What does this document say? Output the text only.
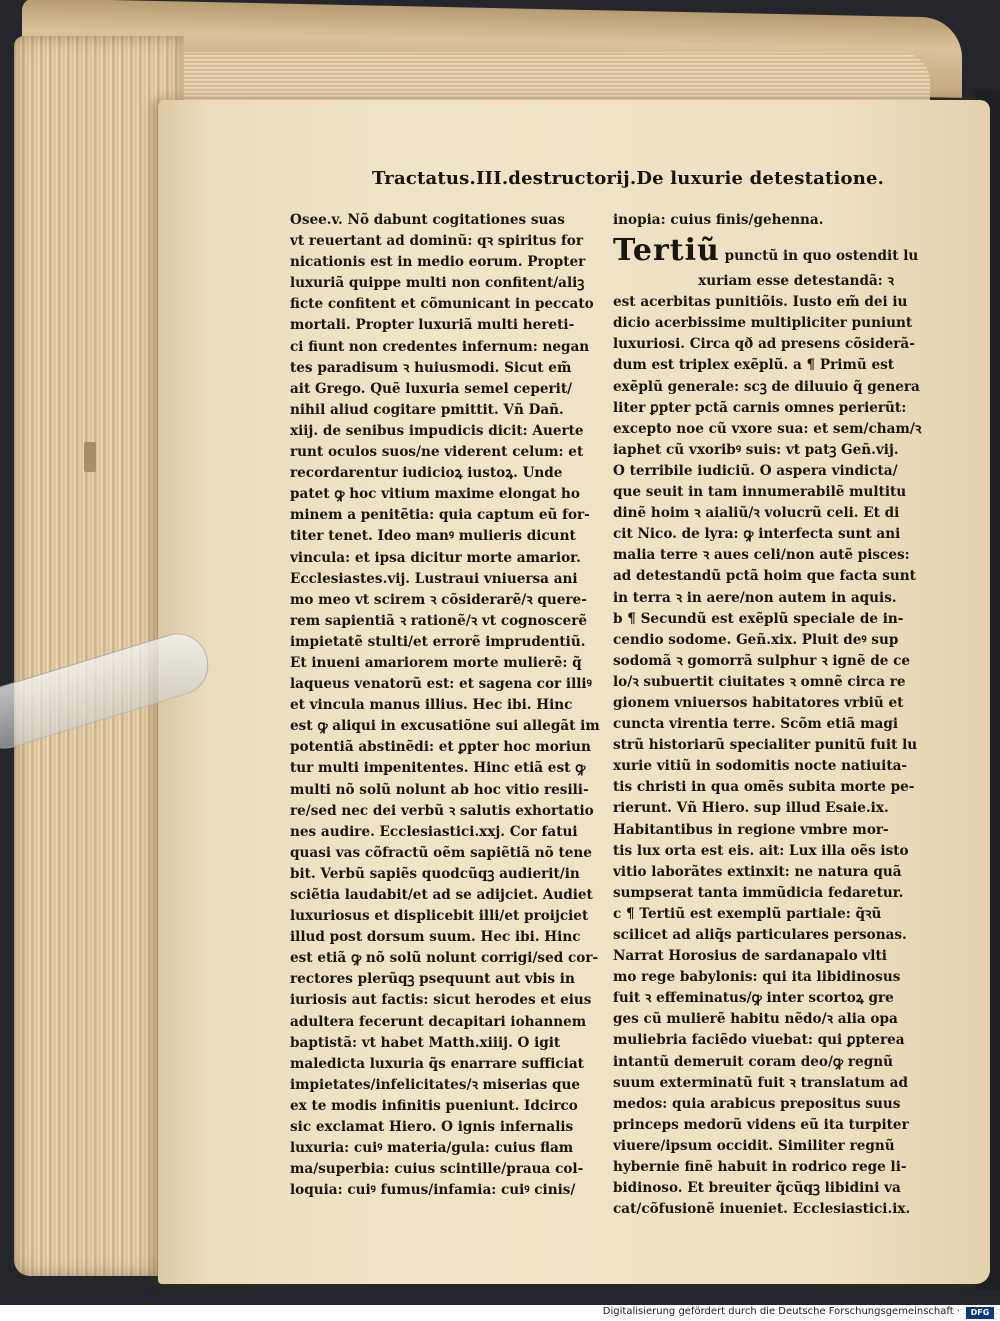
Tractatus.III.destructorij.De luxurie detestatione.
Osee.v. Nõ dabunt cogitationes suas
vt reuertant ad dominũ: qꝛ spiritus for
nicationis est in medio eorum. Propter
luxuriã quippe multi non confitent/aliꝫ
ficte confitent et cõmunicant in peccato
mortali. Propter luxuriã multi hereti-
ci fiunt non credentes infernum: negan
tes paradisum ꝛ huiusmodi. Sicut em̃
ait Grego. Quẽ luxuria semel ceperit/
nihil aliud cogitare pmittit. Vñ Dañ.
xiij. de senibus impudicis dicit: Auerte
runt oculos suos/ne viderent celum: et
recordarentur iudicioꝝ iustoꝝ. Unde
patet ꝙ hoc vitium maxime elongat ho
minem a penitẽtia: quia captum eũ for-
titer tenet. Ideo manꝰ mulieris dicunt
vincula: et ipsa dicitur morte amarior.
Ecclesiastes.vij. Lustraui vniuersa ani
mo meo vt scirem ꝛ cõsiderarẽ/ꝛ quere-
rem sapientiã ꝛ rationẽ/ꝛ vt cognoscerẽ
impietatẽ stulti/et errorẽ imprudentiũ.
Et inueni amariorem morte mulierẽ: q̃
laqueus venatorũ est: et sagena cor illiꝰ
et vincula manus illius. Hec ibi. Hinc
est ꝙ aliqui in excusatiõne sui allegãt im
potentiã abstinẽdi: et ꝑpter hoc moriun
tur multi impenitentes. Hinc etiã est ꝙ
multi nõ solũ nolunt ab hoc vitio resili-
re/sed nec dei verbũ ꝛ salutis exhortatio
nes audire. Ecclesiastici.xxj. Cor fatui
quasi vas cõfractũ oẽm sapiẽtiã nõ tene
bit. Verbũ sapiẽs quodcũqꝫ audierit/in
sciẽtia laudabit/et ad se adijciet. Audiet
luxuriosus et displicebit illi/et proijciet
illud post dorsum suum. Hec ibi. Hinc
est etiã ꝙ nõ solũ nolunt corrigi/sed cor-
rectores plerũqꝫ psequunt aut vbis in
iuriosis aut factis: sicut herodes et eius
adultera fecerunt decapitari iohannem
baptistã: vt habet Matth.xiiij. O igit
maledicta luxuria q̃s enarrare sufficiat
impietates/infelicitates/ꝛ miserias que
ex te modis infinitis pueniunt. Idcirco
sic exclamat Hiero. O ignis infernalis
luxuria: cuiꝰ materia/gula: cuius flam
ma/superbia: cuius scintille/praua col-
loquia: cuiꝰ fumus/infamia: cuiꝰ cinis/
inopia: cuius finis/gehenna.
Tertiũ punctũ in quo ostendit lu
xuriam esse detestandã: ꝛ
est acerbitas punitiõis. Iusto em̃ dei iu
dicio acerbissime multipliciter puniunt
luxuriosi. Circa qð ad presens cõsiderã-
dum est triplex exẽplũ. a ¶ Primũ est
exẽplũ generale: scꝫ de diluuio q̃ genera
liter ꝑpter pctã carnis omnes perierũt:
excepto noe cũ vxore sua: et sem/cham/ꝛ
iaphet cũ vxoribꝰ suis: vt patꝫ Geñ.vij.
O terribile iudiciũ. O aspera vindicta/
que seuit in tam innumerabilẽ multitu
dinẽ hoim ꝛ aialiũ/ꝛ volucrũ celi. Et di
cit Nico. de lyra: ꝙ interfecta sunt ani
malia terre ꝛ aues celi/non autẽ pisces:
ad detestandũ pctã hoim que facta sunt
in terra ꝛ in aere/non autem in aquis.
b ¶ Secundũ est exẽplũ speciale de in-
cendio sodome. Geñ.xix. Pluit deꝰ sup
sodomã ꝛ gomorrã sulphur ꝛ ignẽ de ce
lo/ꝛ subuertit ciuitates ꝛ omnẽ circa re
gionem vniuersos habitatores vrbiũ et
cuncta virentia terre. Scõm etiã magi
strũ historiarũ specialiter punitũ fuit lu
xurie vitiũ in sodomitis nocte natiuita-
tis christi in qua omẽs subita morte pe-
rierunt. Vñ Hiero. sup illud Esaie.ix.
Habitantibus in regione vmbre mor-
tis lux orta est eis. ait: Lux illa oẽs isto
vitio laborãtes extinxit: ne natura quã
sumpserat tanta immũdicia fedaretur.
c ¶ Tertiũ est exemplũ partiale: q̃ꝛũ
scilicet ad aliq̃s particulares personas.
Narrat Horosius de sardanapalo vlti
mo rege babylonis: qui ita libidinosus
fuit ꝛ effeminatus/ꝙ inter scortoꝝ gre
ges cũ mulierẽ habitu nẽdo/ꝛ alia opa
muliebria faciẽdo viuebat: qui ꝑpterea
intantũ demeruit coram deo/ꝙ regnũ
suum exterminatũ fuit ꝛ translatum ad
medos: quia arabicus prepositus suus
princeps medorũ videns eũ ita turpiter
viuere/ipsum occidit. Similiter regnũ
hybernie finẽ habuit in rodrico rege li-
bidinoso. Et breuiter q̃cũqꝫ libidini va
cat/cõfusionẽ inueniet. Ecclesiastici.ix.
Digitalisierung gefördert durch die Deutsche Forschungsgemeinschaft ·	DFG
